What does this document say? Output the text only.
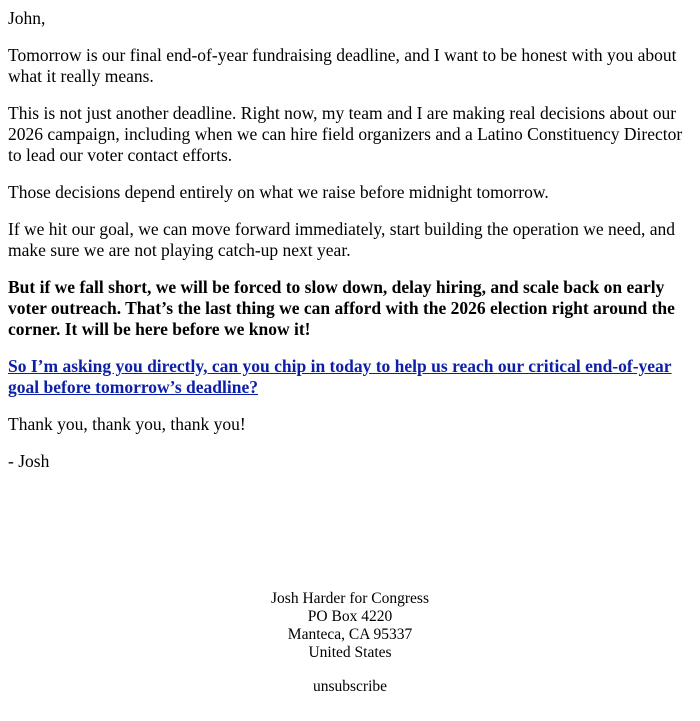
John,

Tomorrow is our final end-of-year fundraising deadline, and I want to be honest with you about what it really means.

This is not just another deadline. Right now, my team and I are making real decisions about our 2026 campaign, including when we can hire field organizers and a Latino Constituency Director to lead our voter contact efforts.

Those decisions depend entirely on what we raise before midnight tomorrow.

If we hit our goal, we can move forward immediately, start building the operation we need, and make sure we are not playing catch-up next year.

But if we fall short, we will be forced to slow down, delay hiring, and scale back on early voter outreach. That’s the last thing we can afford with the 2026 election right around the corner. It will be here before we know it!

So I’m asking you directly, can you chip in today to help us reach our critical end-of-year goal before tomorrow’s deadline?

Thank you, thank you, thank you!

- Josh

Josh Harder for Congress
PO Box 4220
Manteca, CA 95337
United States
unsubscribe
